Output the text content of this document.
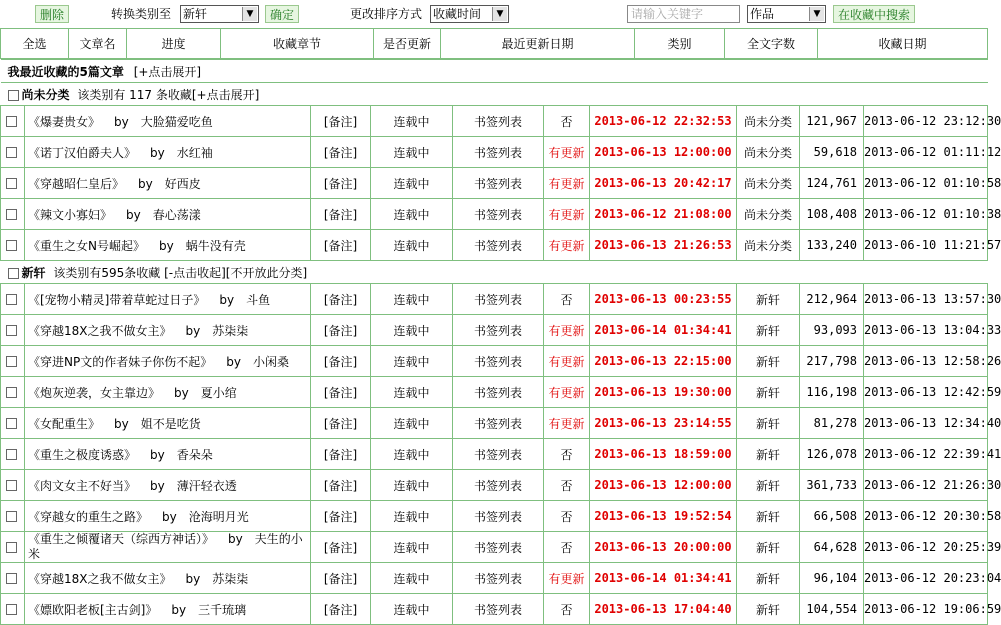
删除	转换类别至 新轩	▼	确定	更改排序方式 收藏时间	▼	请输入关键字	作品	▼	在收藏中搜索
全选	文章名	进度	收藏章节	是否更新	最近更新日期	类别	全文字数	收藏日期
我最近收藏的5篇文章 [+点击展开]									
尚未分类 该类别有 117 条收藏[+点击展开]									
	《爆妻贵女》 by 大脸猫爱吃鱼	[备注]	连载中	书签列表	否	2013-06-12 22:32:53	尚未分类	121,967	2013-06-12 23:12:30
	《诺丁汉伯爵夫人》 by 水红袖	[备注]	连载中	书签列表	有更新	2013-06-13 12:00:00	尚未分类	59,618	2013-06-12 01:11:12
	《穿越昭仁皇后》 by 好西皮	[备注]	连载中	书签列表	有更新	2013-06-13 20:42:17	尚未分类	124,761	2013-06-12 01:10:58
	《辣文小寡妇》 by 春心荡漾	[备注]	连载中	书签列表	有更新	2013-06-12 21:08:00	尚未分类	108,408	2013-06-12 01:10:38
	《重生之女N号崛起》 by 蜗牛没有壳	[备注]	连载中	书签列表	有更新	2013-06-13 21:26:53	尚未分类	133,240	2013-06-10 11:21:57
新轩 该类别有595条收藏 [-点击收起][不开放此分类]									
	《[宠物小精灵]带着草蛇过日子》 by 斗鱼	[备注]	连载中	书签列表	否	2013-06-13 00:23:55	新轩	212,964	2013-06-13 13:57:30
	《穿越18X之我不做女主》 by 苏柒柒	[备注]	连载中	书签列表	有更新	2013-06-14 01:34:41	新轩	93,093	2013-06-13 13:04:33
	《穿进NP文的作者妹子你伤不起》 by 小闲桑	[备注]	连载中	书签列表	有更新	2013-06-13 22:15:00	新轩	217,798	2013-06-13 12:58:26
	《炮灰逆袭，女主靠边》 by 夏小绾	[备注]	连载中	书签列表	有更新	2013-06-13 19:30:00	新轩	116,198	2013-06-13 12:42:59
	《女配重生》 by 姐不是吃货	[备注]	连载中	书签列表	有更新	2013-06-13 23:14:55	新轩	81,278	2013-06-13 12:34:40
	《重生之极度诱惑》 by 香朵朵	[备注]	连载中	书签列表	否	2013-06-13 18:59:00	新轩	126,078	2013-06-12 22:39:41
	《肉文女主不好当》 by 薄汗轻衣透	[备注]	连载中	书签列表	否	2013-06-13 12:00:00	新轩	361,733	2013-06-12 21:26:30
	《穿越女的重生之路》 by 沧海明月光	[备注]	连载中	书签列表	否	2013-06-13 19:52:54	新轩	66,508	2013-06-12 20:30:58
	《重生之倾覆诸天（综西方神话）》 by 夫生的小米	[备注]	连载中	书签列表	否	2013-06-13 20:00:00	新轩	64,628	2013-06-12 20:25:39
	《穿越18X之我不做女主》 by 苏柒柒	[备注]	连载中	书签列表	有更新	2013-06-14 01:34:41	新轩	96,104	2013-06-12 20:23:04
	《嫖欧阳老板[主古剑]》 by 三千琉璃	[备注]	连载中	书签列表	否	2013-06-13 17:04:40	新轩	104,554	2013-06-12 19:06:59
